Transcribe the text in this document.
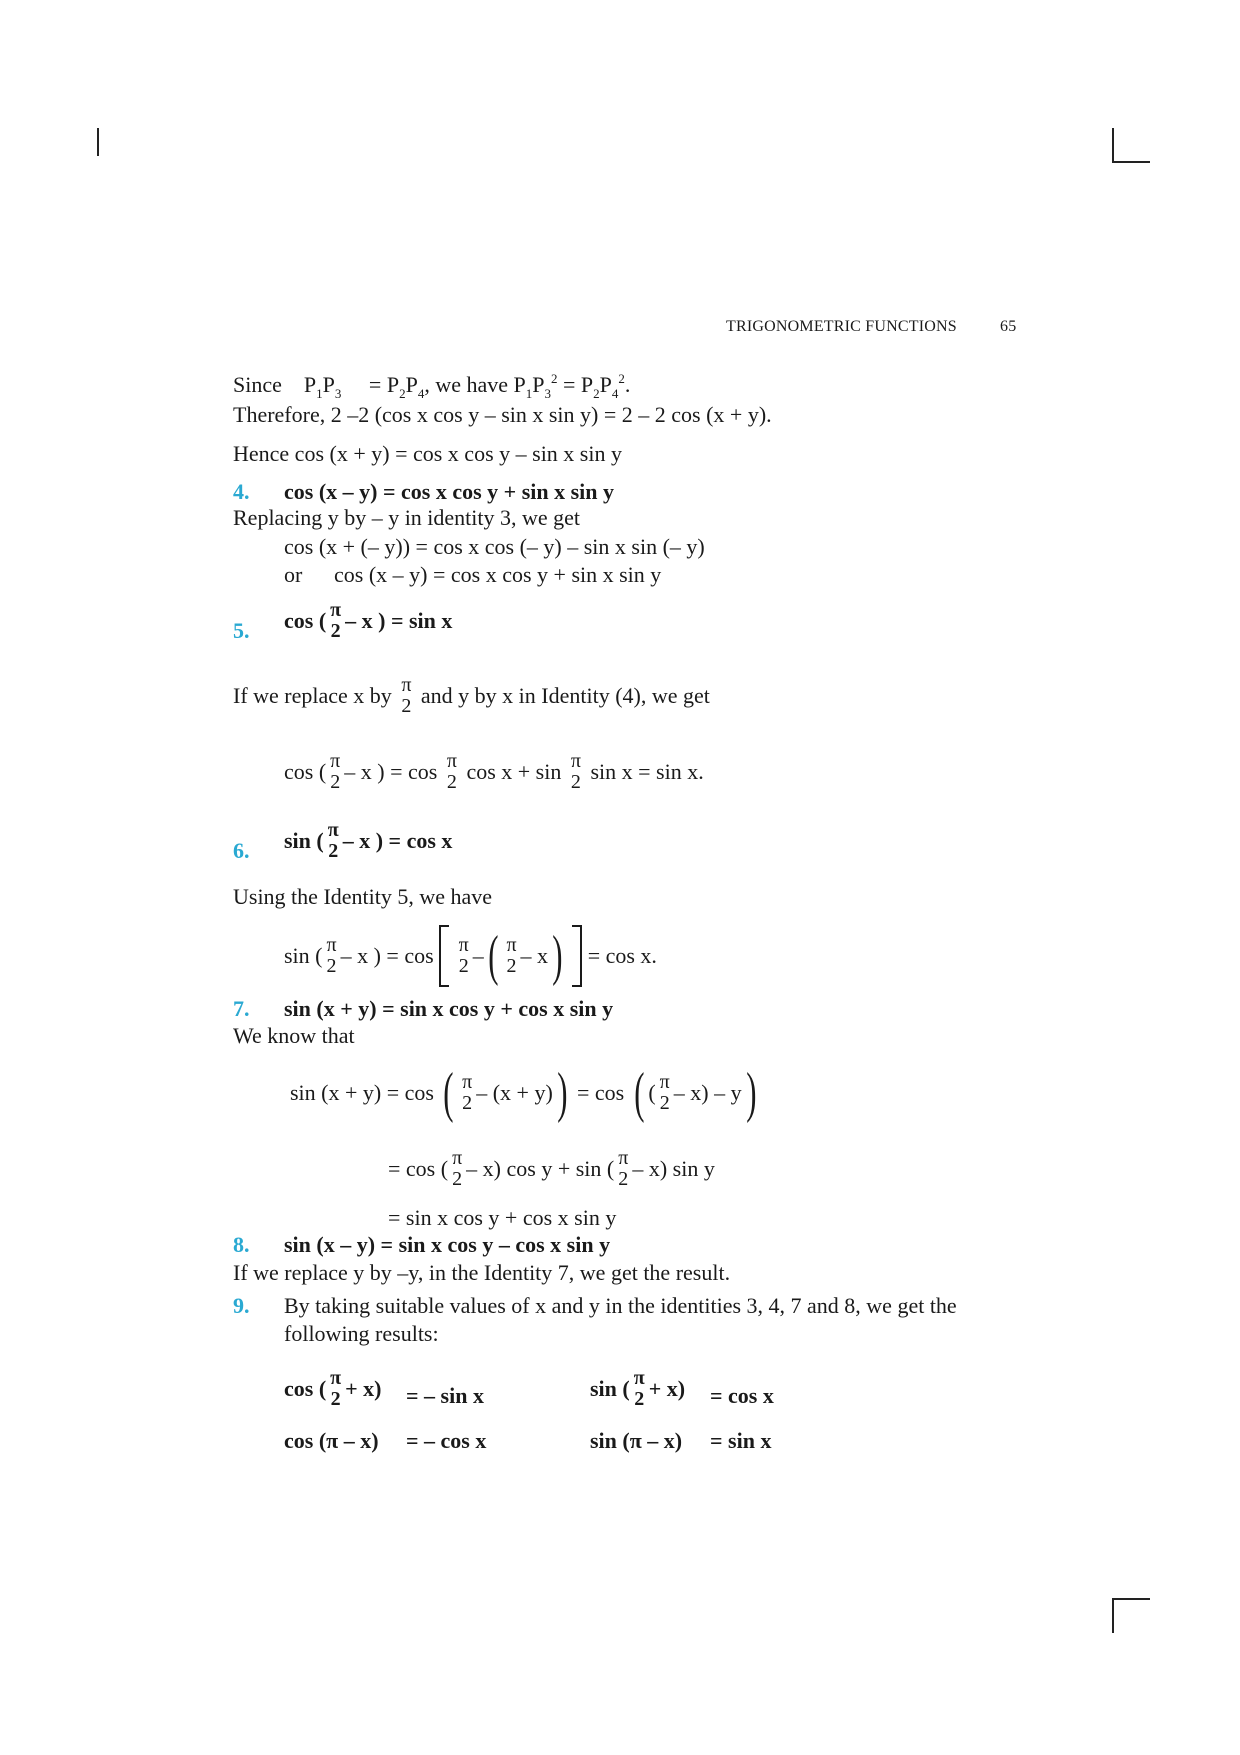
TRIGONOMETRIC FUNCTIONS	65
Since $P_1P_3 = P_2P_4$, we have $P_1P_3^2 = P_2P_4^2$.
Therefore, 2 –2 (cos x cos y – sin x sin y) = 2 – 2 cos (x + y).
Hence cos (x + y) = cos x cos y – sin x sin y
4. cos (x – y) = cos x cos y + sin x sin y
Replacing y by – y in identity 3, we get
cos (x + (– y)) = cos x cos (– y) – sin x sin (– y)
or cos (x – y) = cos x cos y + sin x sin y
5. cos ( π
2 – x ) = sin x
If we replace x by π
2 and y by x in Identity (4), we get
cos ( π
2 – x ) = cos π
2 cos x + sin π
2 sin x = sin x.
6. sin ( π
2 – x ) = cos x
Using the Identity 5, we have
sin ( π
2 – x ) = cos π
2 –( π
2 – x) = cos x.
7. sin (x + y) = sin x cos y + cos x sin y
We know that
sin (x + y) = cos ( π
2 – (x + y)) = cos ( ( π
2 – x) – y)
= cos ( π
2 – x) cos y + sin ( π
2 – x) sin y
= sin x cos y + cos x sin y
8. sin (x – y) = sin x cos y – cos x sin y
If we replace y by –y, in the Identity 7, we get the result.
9. By taking suitable values of x and y in the identities 3, 4, 7 and 8, we get the
following results:
cos ( π
2 + x) = – sin x	sin ( π
2 + x) = cos x
cos (π – x) = – cos x	sin (π – x) = sin x
